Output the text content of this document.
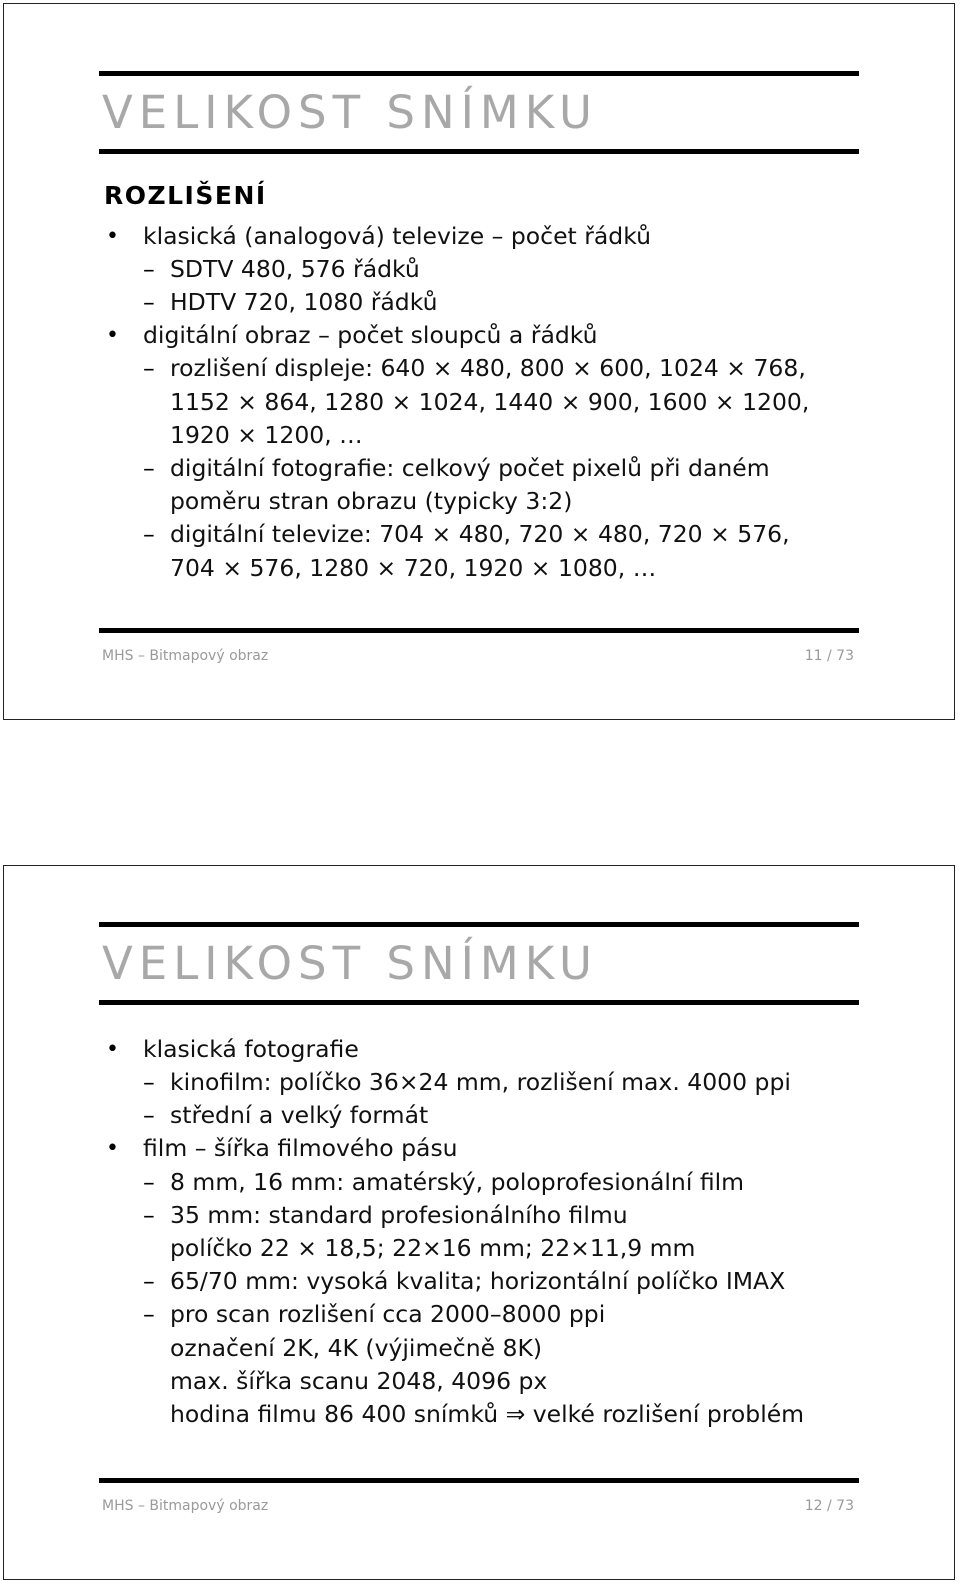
VELIKOST SNÍMKU
ROZLIŠENÍ
• klasická (analogová) televize – počet řádků
– SDTV 480, 576 řádků
– HDTV 720, 1080 řádků
• digitální obraz – počet sloupců a řádků
– rozlišení displeje: 640 × 480, 800 × 600, 1024 × 768,
1152 × 864, 1280 × 1024, 1440 × 900, 1600 × 1200,
1920 × 1200, …
– digitální fotografie: celkový počet pixelů při daném
poměru stran obrazu (typicky 3:2)
– digitální televize: 704 × 480, 720 × 480, 720 × 576,
704 × 576, 1280 × 720, 1920 × 1080, …
MHS – Bitmapový obraz	11 / 73
VELIKOST SNÍMKU
• klasická fotografie
– kinofilm: políčko 36×24 mm, rozlišení max. 4000 ppi
– střední a velký formát
• film – šířka filmového pásu
– 8 mm, 16 mm: amatérský, poloprofesionální film
– 35 mm: standard profesionálního filmu
políčko 22 × 18,5; 22×16 mm; 22×11,9 mm
– 65/70 mm: vysoká kvalita; horizontální políčko IMAX
– pro scan rozlišení cca 2000–8000 ppi
označení 2K, 4K (výjimečně 8K)
max. šířka scanu 2048, 4096 px
hodina filmu 86 400 snímků ⇒ velké rozlišení problém
MHS – Bitmapový obraz	12 / 73
